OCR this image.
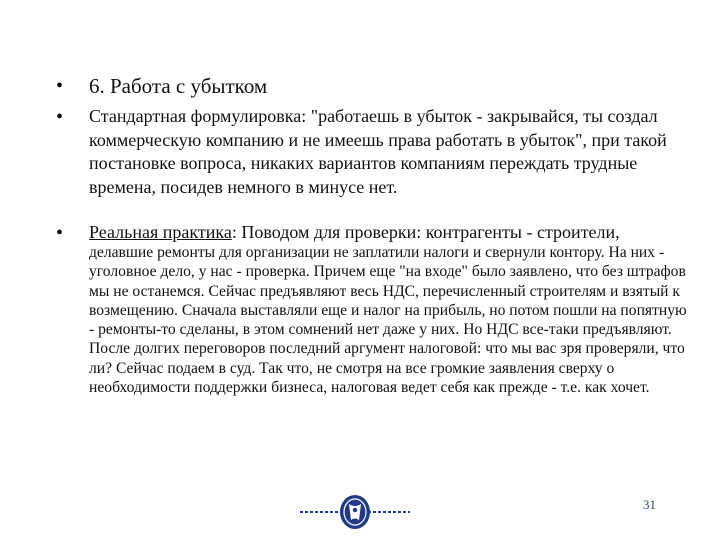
• 6. Работа с убытком
• Стандартная формулировка: "работаешь в убыток - закрывайся, ты создал коммерческую компанию и не имеешь права работать в убыток", при такой постановке вопроса, никаких вариантов компаниям переждать трудные времена, посидев немного в минусе нет.
• Реальная практика: Поводом для проверки: контрагенты - строители,
делавшие ремонты для организации не заплатили налоги и свернули контору. На них - уголовное дело, у нас - проверка. Причем еще "на входе" было заявлено, что без штрафов мы не останемся. Сейчас предъявляют весь НДС, перечисленный строителям и взятый к возмещению. Сначала выставляли еще и налог на прибыль, но потом пошли на попятную - ремонты-то сделаны, в этом сомнений нет даже у них. Но НДС все-таки предъявляют. После долгих переговоров последний аргумент налоговой: что мы вас зря проверяли, что ли? Сейчас подаем в суд. Так что, не смотря на все громкие заявления сверху о необходимости поддержки бизнеса, налоговая ведет себя как прежде - т.е. как хочет.
31
